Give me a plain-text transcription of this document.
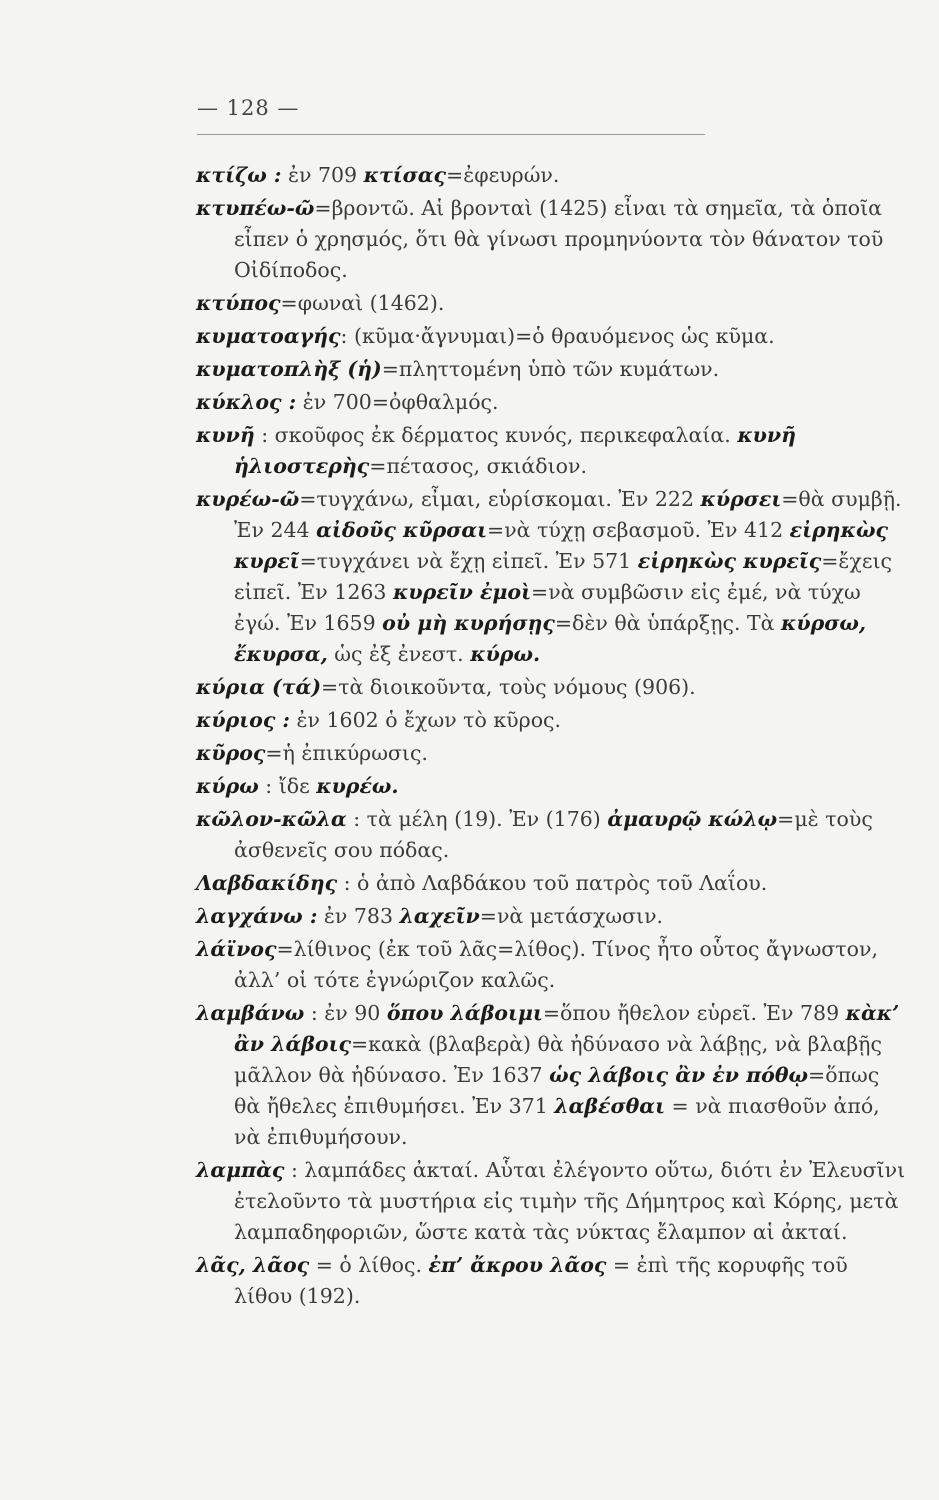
— 128 —

κτίζω : ἐν 709 κτίσας=ἐφευρών.

κτυπέω-ῶ=βροντῶ. Αἱ βρονταὶ (1425) εἶναι τὰ σημεῖα, τὰ ὁποῖα εἶπεν ὁ χρησμός, ὅτι θὰ γίνωσι προμηνύοντα τὸν θάνατον τοῦ Οἰδίποδος.

κτύπος=φωναὶ (1462).

κυματοαγής: (κῦμα·ἄγνυμαι)=ὁ θραυόμενος ὡς κῦμα.

κυματοπλὴξ (ἡ)=πληττομένη ὑπὸ τῶν κυμάτων.

κύκλος : ἐν 700=ὀφθαλμός.

κυνῆ : σκοῦφος ἐκ δέρματος κυνός, περικεφαλαία. κυνῆ ἡλιοστερὴς=πέτασος, σκιάδιον.

κυρέω-ῶ=τυγχάνω, εἶμαι, εὑρίσκομαι. Ἐν 222 κύρσει=θὰ συμβῇ. Ἐν 244 αἰδοῦς κῦρσαι=νὰ τύχῃ σεβασμοῦ. Ἐν 412 εἰρηκὼς κυρεῖ=τυγχάνει νὰ ἔχῃ εἰπεῖ. Ἐν 571 εἰρηκὼς κυρεῖς=ἔχεις εἰπεῖ. Ἐν 1263 κυρεῖν ἐμοὶ=νὰ συμβῶσιν εἰς ἐμέ, νὰ τύχω ἐγώ. Ἐν 1659 οὐ μὴ κυρήσῃς=δὲν θὰ ὑπάρξῃς. Τὰ κύρσω, ἔκυρσα, ὡς ἐξ ἐνεστ. κύρω.

κύρια (τά)=τὰ διοικοῦντα, τοὺς νόμους (906).

κύριος : ἐν 1602 ὁ ἔχων τὸ κῦρος.

κῦρος=ἡ ἐπικύρωσις.

κύρω : ἴδε κυρέω.

κῶλον-κῶλα : τὰ μέλη (19). Ἐν (176) ἀμαυρῷ κώλῳ=μὲ τοὺς ἀσθενεῖς σου πόδας.

Λαβδακίδης : ὁ ἀπὸ Λαβδάκου τοῦ πατρὸς τοῦ Λαΐου.

λαγχάνω : ἐν 783 λαχεῖν=νὰ μετάσχωσιν.

λάϊνος=λίθινος (ἐκ τοῦ λᾶς=λίθος). Τίνος ἦτο οὗτος ἄγνωστον, ἀλλ’ οἱ τότε ἐγνώριζον καλῶς.

λαμβάνω : ἐν 90 ὅπου λάβοιμι=ὅπου ἤθελον εὑρεῖ. Ἐν 789 κὰκ’ ἂν λάβοις=κακὰ (βλαβερὰ) θὰ ἠδύνασο νὰ λάβῃς, νὰ βλαβῇς μᾶλλον θὰ ἠδύνασο. Ἐν 1637 ὡς λάβοις ἂν ἐν πόθῳ=ὅπως θὰ ἤθελες ἐπιθυμήσει. Ἐν 371 λαβέσθαι = νὰ πιασθοῦν ἀπό, νὰ ἐπιθυμήσουν.

λαμπὰς : λαμπάδες ἀκταί. Αὗται ἐλέγοντο οὕτω, διότι ἐν Ἐλευσῖνι ἐτελοῦντο τὰ μυστήρια εἰς τιμὴν τῆς Δήμητρος καὶ Κόρης, μετὰ λαμπαδηφοριῶν, ὥστε κατὰ τὰς νύκτας ἔλαμπον αἱ ἀκταί.

λᾶς, λᾶος = ὁ λίθος. ἐπ’ ἄκρου λᾶος = ἐπὶ τῆς κορυφῆς τοῦ λίθου (192).
